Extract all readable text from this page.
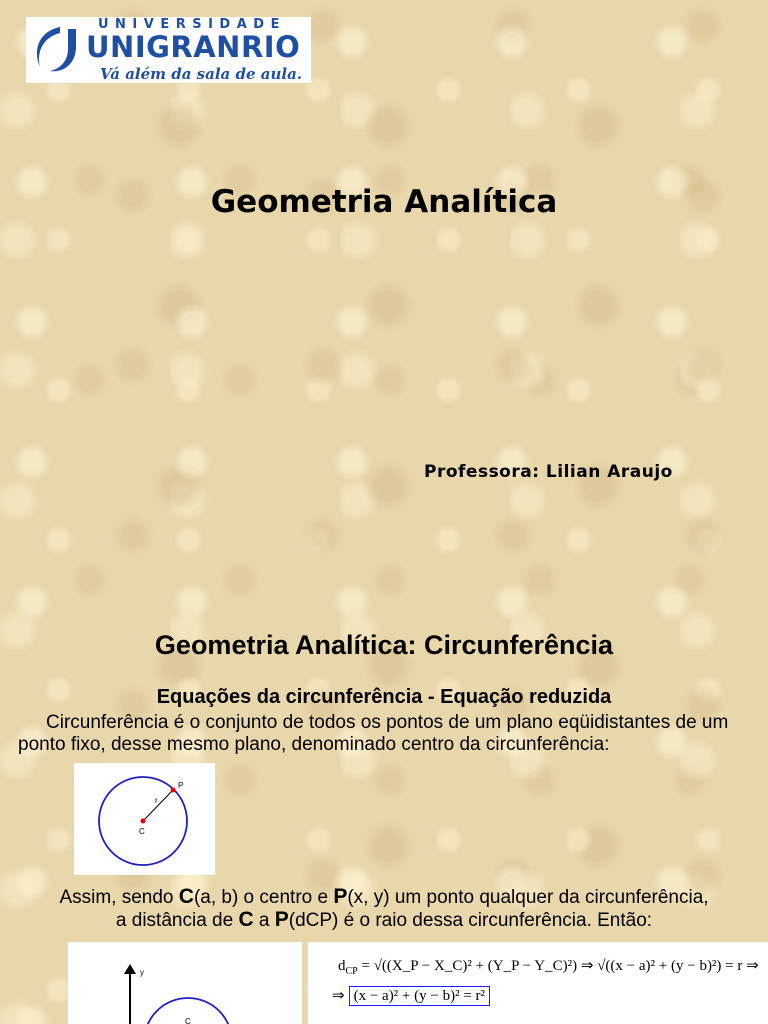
UNIVERSIDADE
UNIGRANRIO
Vá além da sala de aula.
Geometria Analítica
Professora: Lilian Araujo
Geometria Analítica: Circunferência
Equações da circunferência - Equação reduzida
Circunferência é o conjunto de todos os pontos de um plano eqüidistantes de um ponto fixo, desse mesmo plano, denominado centro da circunferência:
P
r
C
Assim, sendo C(a, b) o centro e P(x, y) um ponto qualquer da circunferência,
a distância de C a P(dCP) é o raio dessa circunferência. Então:
y
C
$d_{CP}$ = √((X_P − X_C)² + (Y_P − Y_C)²) ⇒ √((x − a)² + (y − b)²) = r ⇒
⇒ (x − a)² + (y − b)² = r²
